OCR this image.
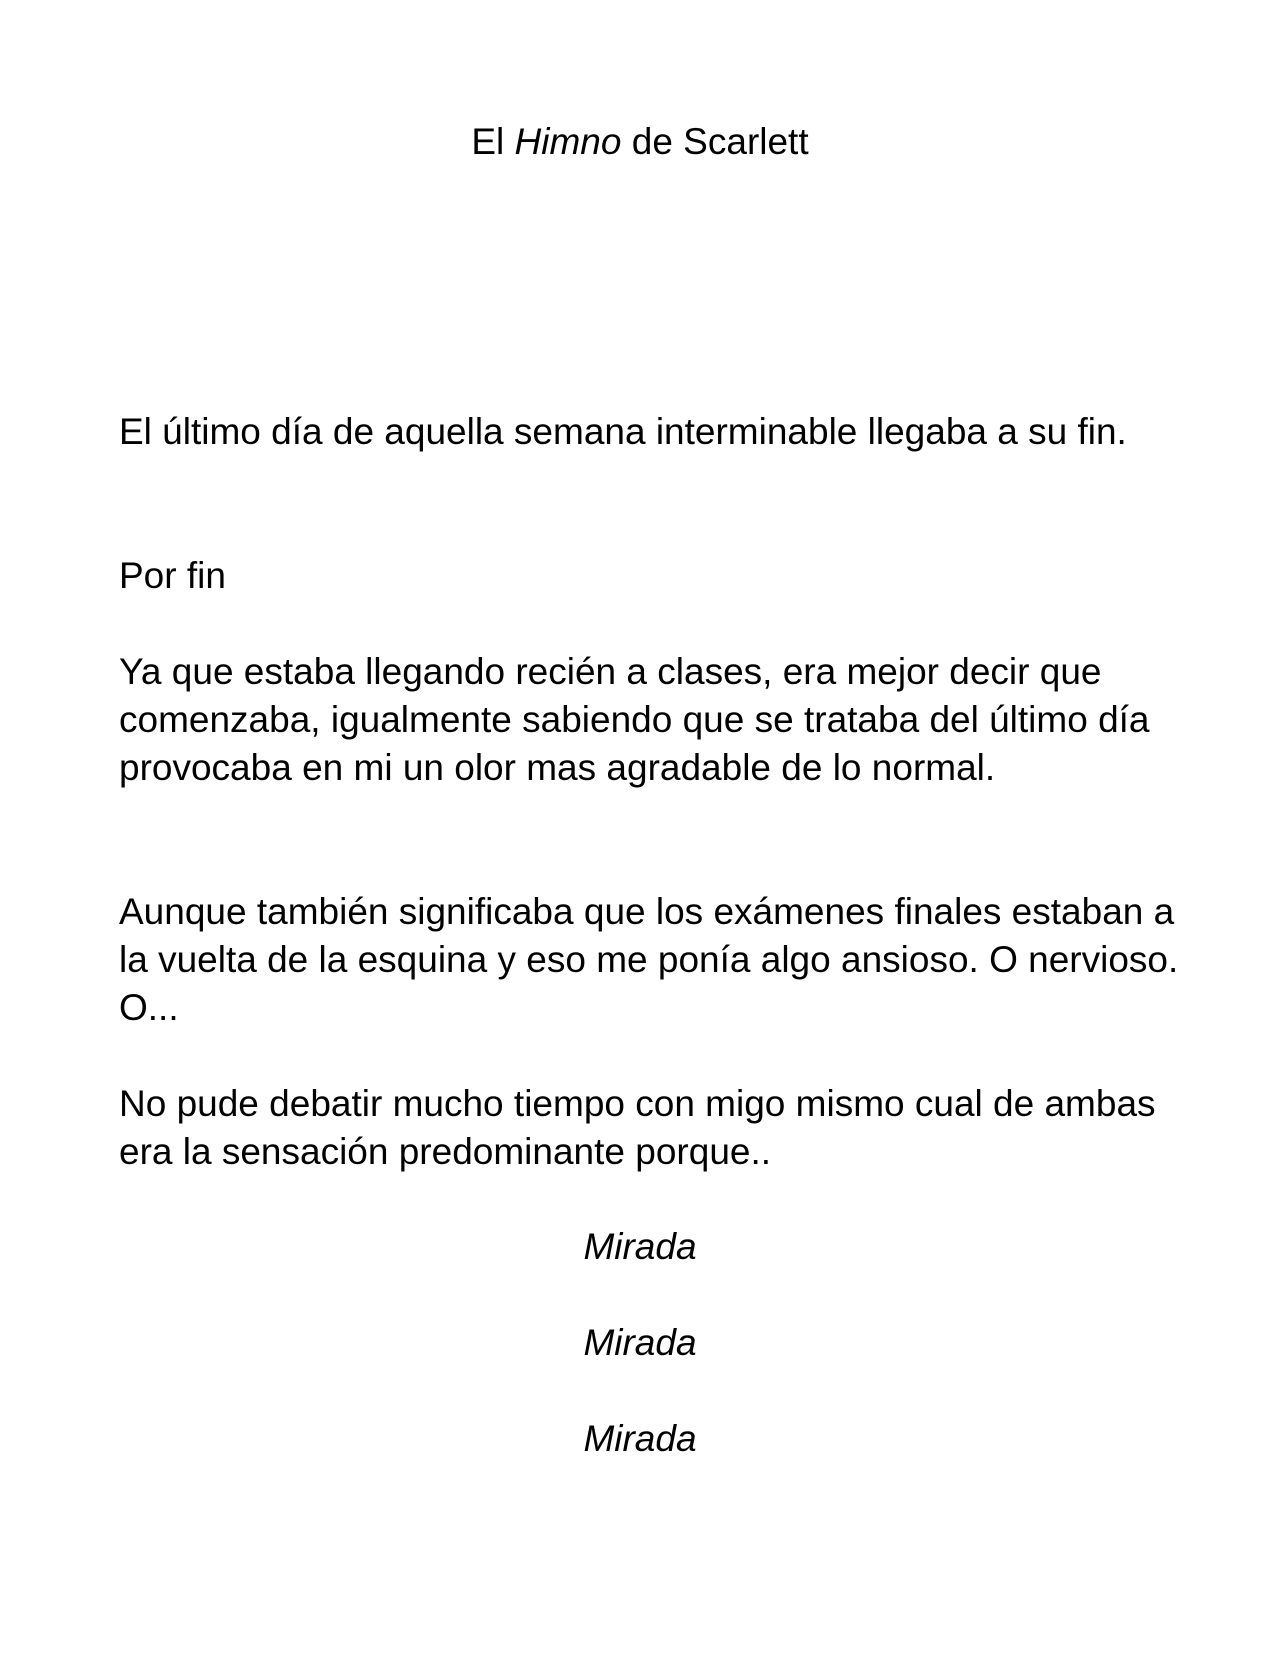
El Himno de Scarlett

El último día de aquella semana interminable llegaba a su fin.

Por fin

Ya que estaba llegando recién a clases, era mejor decir que comenzaba, igualmente sabiendo que se trataba del último día provocaba en mi un olor mas agradable de lo normal.

Aunque también significaba que los exámenes finales estaban a la vuelta de la esquina y eso me ponía algo ansioso. O nervioso. O...

No pude debatir mucho tiempo con migo mismo cual de ambas era la sensación predominante porque..

Mirada
Mirada
Mirada
